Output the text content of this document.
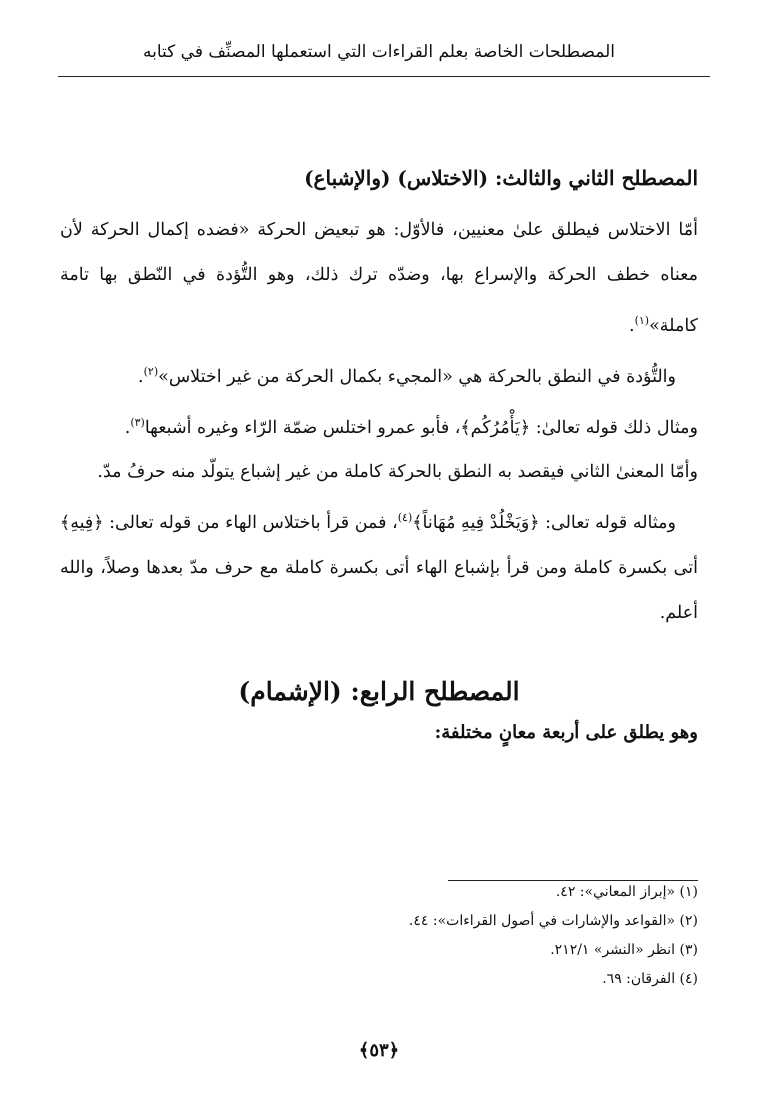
المصطلحات الخاصة بعلم القراءات التي استعملها المصنِّف في كتابه

المصطلح الثاني والثالث: (الاختلاس) (والإشباع)

أمّا الاختلاس فيطلق علىٰ معنيين، فالأوّل: هو تبعيض الحركة «فضده إكمال الحركة لأن معناه خطف الحركة والإسراع بها، وضدّه ترك ذلك، وهو التُّؤدة في النّطق بها تامة كاملة»$^{(١)}$.

والتُّؤدة في النطق بالحركة هي «المجيء بكمال الحركة من غير اختلاس»$^{(٢)}$.

ومثال ذلك قوله تعالىٰ: ﴿يَأْمُرُكُم﴾، فأبو عمرو اختلس ضمّة الرّاء وغيره أشبعها$^{(٣)}$.

وأمّا المعنىٰ الثاني فيقصد به النطق بالحركة كاملة من غير إشباع يتولّد منه حرفُ مدّ.

ومثاله قوله تعالى: ﴿وَيَخْلُدْ فِيهِ مُهَاناً﴾$^{(٤)}$، فمن قرأ باختلاس الهاء من قوله تعالى: ﴿فِيهِ﴾ أتى بكسرة كاملة ومن قرأ بإشباع الهاء أتى بكسرة كاملة مع حرف مدّ بعدها وصلاً، والله أعلم.

المصطلح الرابع: (الإشمام)

وهو يطلق على أربعة معانٍ مختلفة:

(١) «إبراز المعاني»: ٤٢.
(٢) «القواعد والإشارات في أصول القراءات»: ٤٤.
(٣) انظر «النشر» ٢١٢/١.
(٤) الفرقان: ٦٩.
﴿٥٣﴾
